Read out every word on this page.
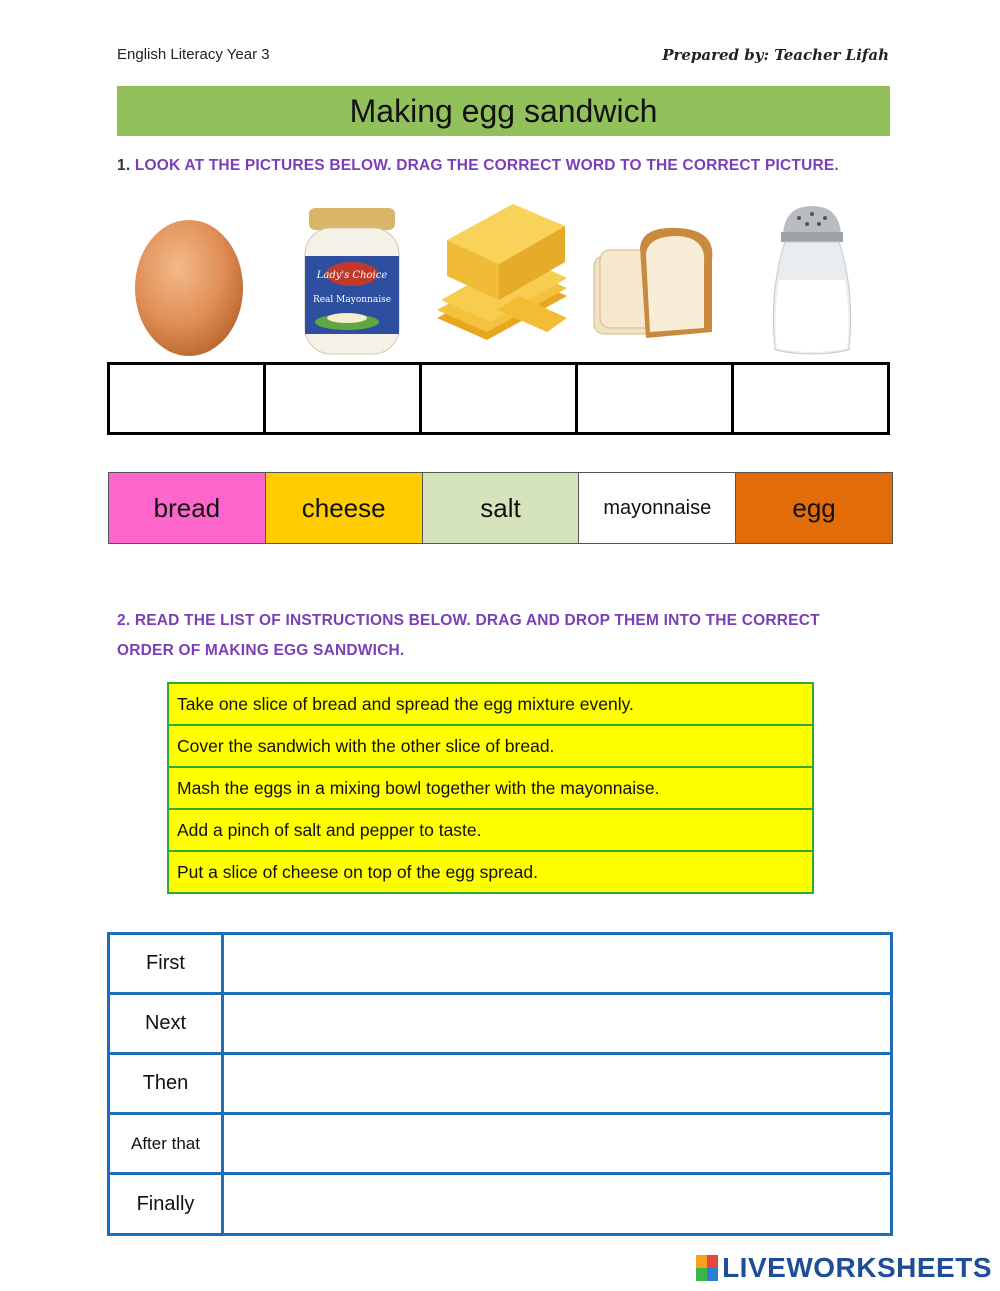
English Literacy Year 3	Prepared by: Teacher Lifah
Making egg sandwich
1. LOOK AT THE PICTURES BELOW. DRAG THE CORRECT WORD TO THE CORRECT PICTURE.
Lady's Choice
Real Mayonnaise
bread	cheese	salt	mayonnaise	egg
2. READ THE LIST OF INSTRUCTIONS BELOW. DRAG AND DROP THEM INTO THE CORRECT
ORDER OF MAKING EGG SANDWICH.
Take one slice of bread and spread the egg mixture evenly.
Cover the sandwich with the other slice of bread.
Mash the eggs in a mixing bowl together with the mayonnaise.
Add a pinch of salt and pepper to taste.
Put a slice of cheese on top of the egg spread.
First
Next
Then
After that
Finally
LIVEWORKSHEETS
